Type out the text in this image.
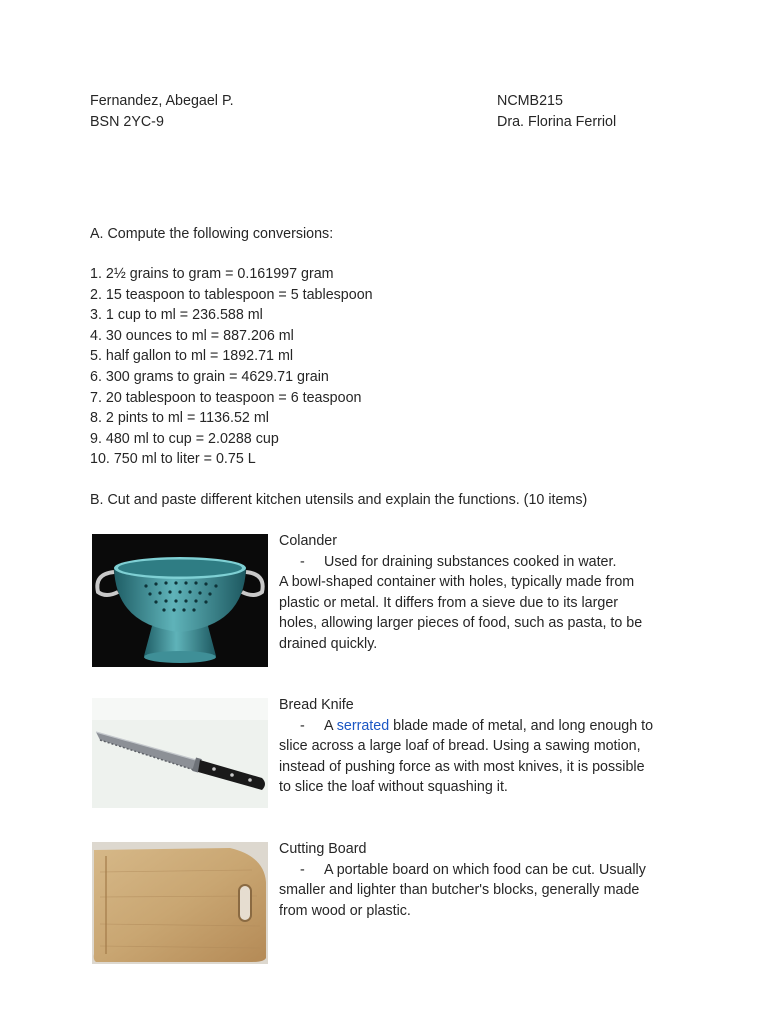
Fernandez, Abegael P.
BSN 2YC-9
NCMB215
Dra. Florina Ferriol
A. Compute the following conversions:
1. 2½ grains to gram = 0.161997 gram
2. 15 teaspoon to tablespoon = 5 tablespoon
3. 1 cup to ml = 236.588 ml
4. 30 ounces to ml = 887.206 ml
5. half gallon to ml = 1892.71 ml
6. 300 grams to grain = 4629.71 grain
7. 20 tablespoon to teaspoon = 6 teaspoon
8. 2 pints to ml = 1136.52 ml
9. 480 ml to cup = 2.0288 cup
10. 750 ml to liter = 0.75 L
B. Cut and paste different kitchen utensils and explain the functions. (10 items)
Colander
- Used for draining substances cooked in water.
A bowl-shaped container with holes, typically made from
plastic or metal. It differs from a sieve due to its larger
holes, allowing larger pieces of food, such as pasta, to be
drained quickly.
Bread Knife
- A serrated blade made of metal, and long enough to
slice across a large loaf of bread. Using a sawing motion,
instead of pushing force as with most knives, it is possible
to slice the loaf without squashing it.
Cutting Board
- A portable board on which food can be cut. Usually
smaller and lighter than butcher's blocks, generally made
from wood or plastic.
